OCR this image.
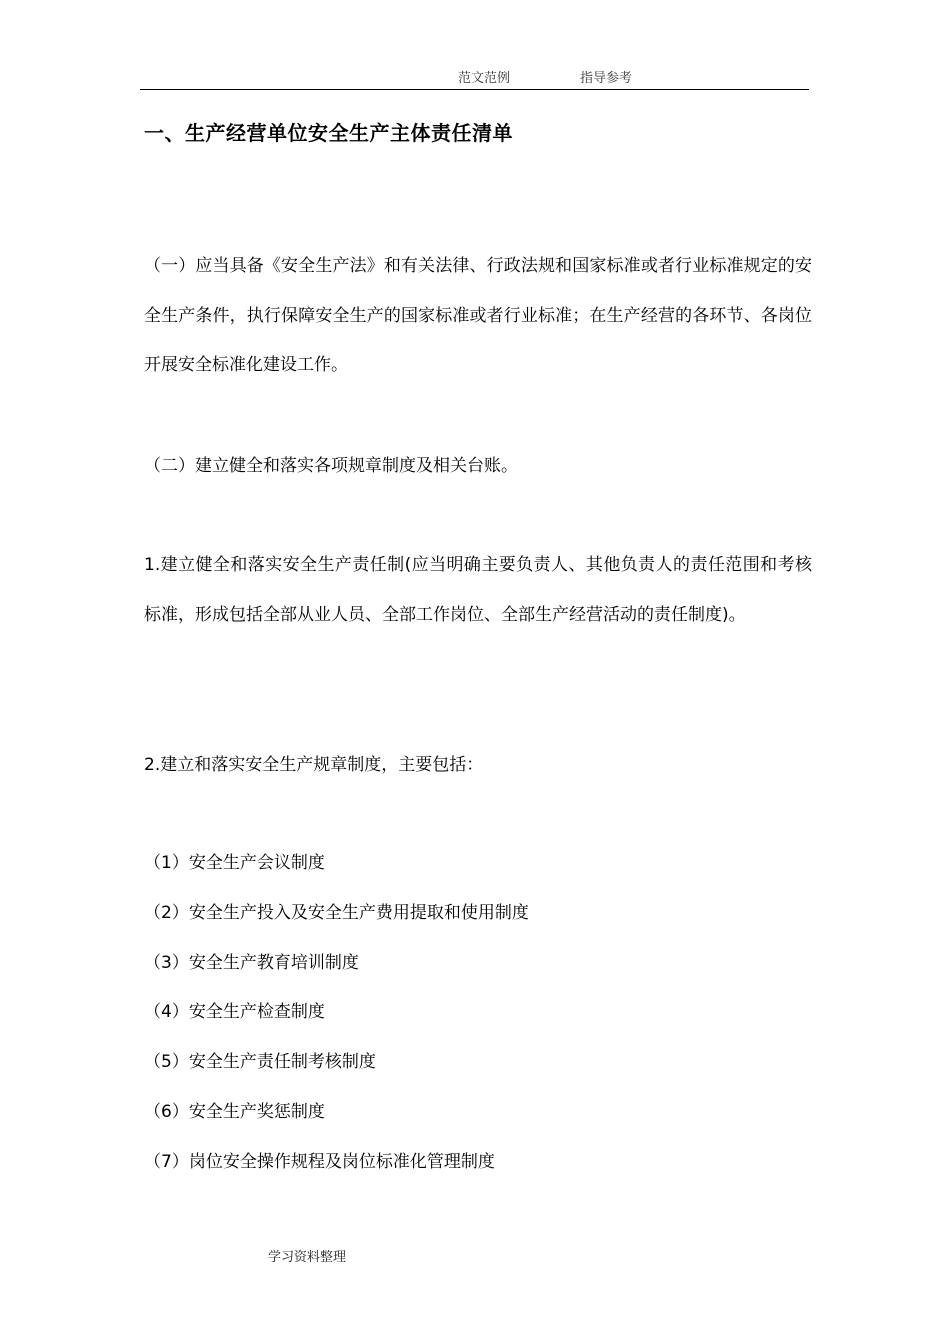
范文范例	指导参考
一、生产经营单位安全生产主体责任清单

（一）应当具备《安全生产法》和有关法律、行政法规和国家标准或者行业标准规定的安全生产条件，执行保障安全生产的国家标准或者行业标准；在生产经营的各环节、各岗位开展安全标准化建设工作。

（二）建立健全和落实各项规章制度及相关台账。

1.建立健全和落实安全生产责任制(应当明确主要负责人、其他负责人的责任范围和考核标准，形成包括全部从业人员、全部工作岗位、全部生产经营活动的责任制度)。

2.建立和落实安全生产规章制度，主要包括：

（1）安全生产会议制度
（2）安全生产投入及安全生产费用提取和使用制度
（3）安全生产教育培训制度
（4）安全生产检查制度
（5）安全生产责任制考核制度
（6）安全生产奖惩制度
（7）岗位安全操作规程及岗位标准化管理制度
学习资料整理
